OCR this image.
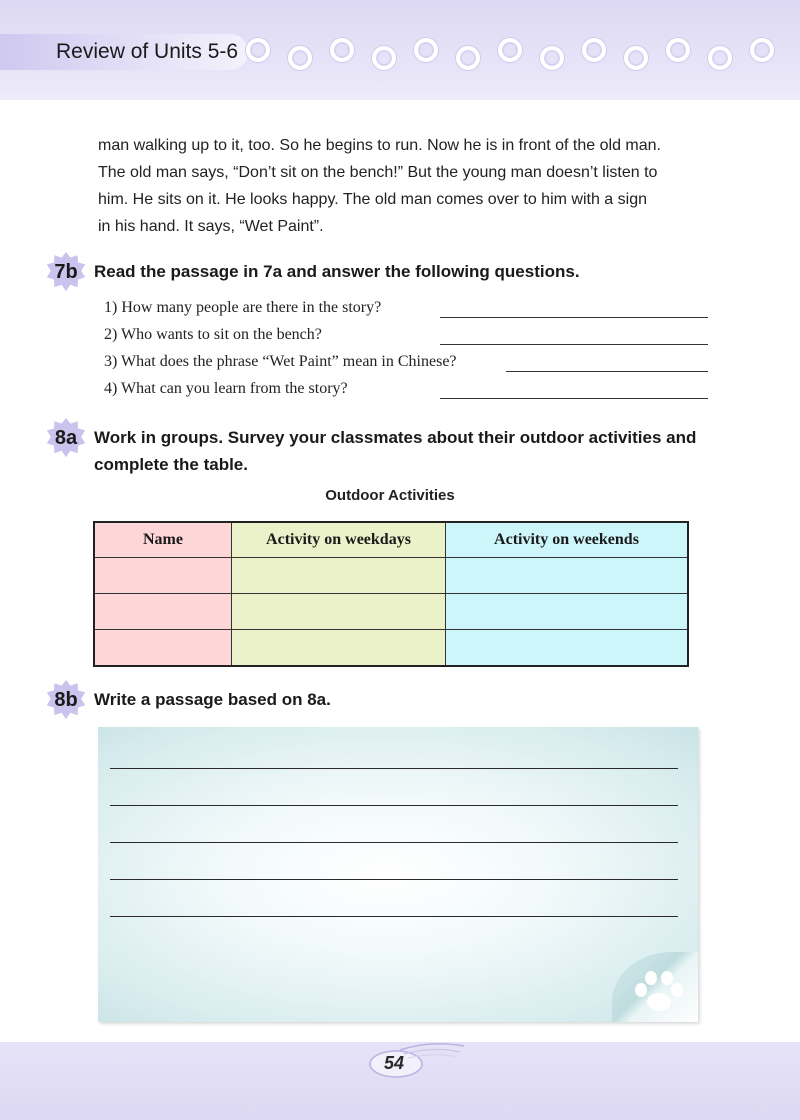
Review of Units 5-6

man walking up to it, too. So he begins to run. Now he is in front of the old man.

The old man says, “Don’t sit on the bench!” But the young man doesn’t listen to

him. He sits on it. He looks happy. The old man comes over to him with a sign

in his hand. It says, “Wet Paint”.

7b Read the passage in 7a and answer the following questions.
1) How many people are there in the story?
2) Who wants to sit on the bench?
3) What does the phrase “Wet Paint” mean in Chinese?
4) What can you learn from the story?
8a Work in groups. Survey your classmates about their outdoor activities and
complete the table.
Outdoor Activities
Name	Activity on weekdays	Activity on weekends

8b Write a passage based on 8a.
54
